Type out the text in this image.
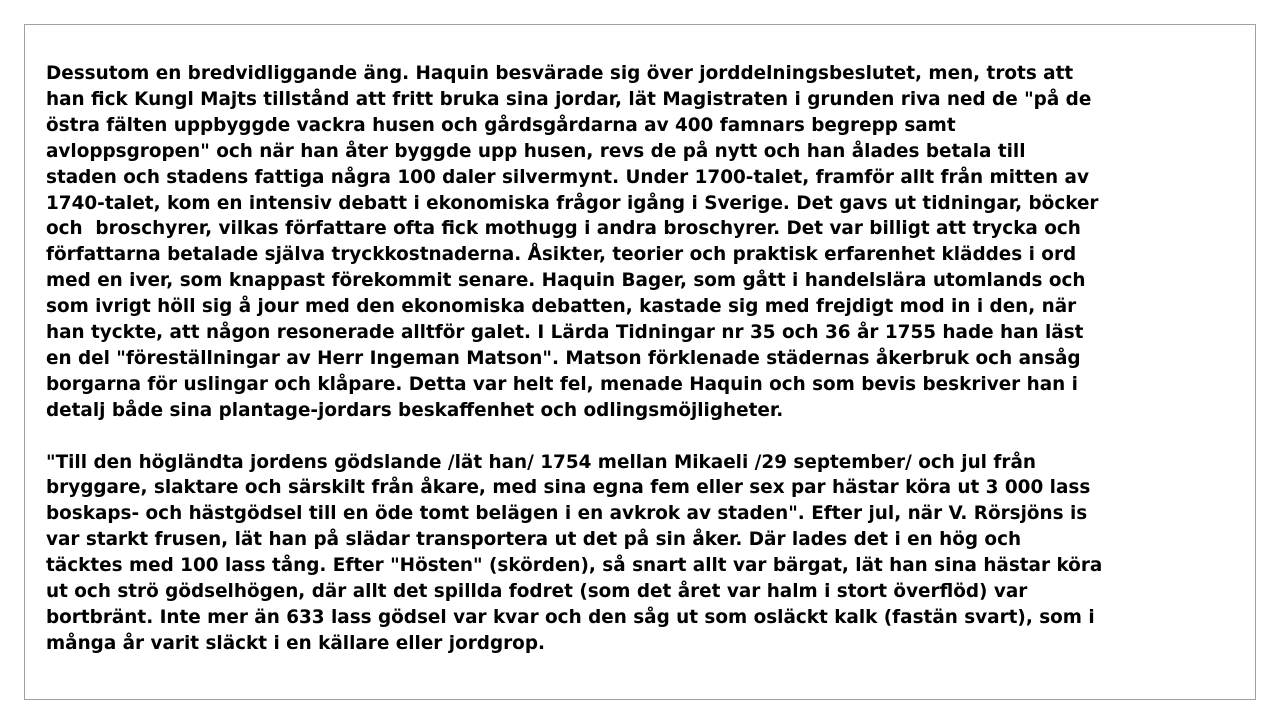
Dessutom en bredvidliggande äng. Haquin besvärade sig över jorddelningsbeslutet, men, trots att
han fick Kungl Majts tillstånd att fritt bruka sina jordar, lät Magistraten i grunden riva ned de "på de
östra fälten uppbyggde vackra husen och gårdsgårdarna av 400 famnars begrepp samt
avloppsgropen" och när han åter byggde upp husen, revs de på nytt och han ålades betala till
staden och stadens fattiga några 100 daler silvermynt. Under 1700-talet, framför allt från mitten av
1740-talet, kom en intensiv debatt i ekonomiska frågor igång i Sverige. Det gavs ut tidningar, böcker
och  broschyrer, vilkas författare ofta fick mothugg i andra broschyrer. Det var billigt att trycka och
författarna betalade själva tryckkostnaderna. Åsikter, teorier och praktisk erfarenhet kläddes i ord
med en iver, som knappast förekommit senare. Haquin Bager, som gått i handelslära utomlands och
som ivrigt höll sig å jour med den ekonomiska debatten, kastade sig med frejdigt mod in i den, när
han tyckte, att någon resonerade alltför galet. I Lärda Tidningar nr 35 och 36 år 1755 hade han läst
en del "föreställningar av Herr Ingeman Matson". Matson förklenade städernas åkerbruk och ansåg
borgarna för uslingar och klåpare. Detta var helt fel, menade Haquin och som bevis beskriver han i
detalj både sina plantage-jordars beskaffenhet och odlingsmöjligheter.
"Till den högländta jordens gödslande /lät han/ 1754 mellan Mikaeli /29 september/ och jul från
bryggare, slaktare och särskilt från åkare, med sina egna fem eller sex par hästar köra ut 3 000 lass
boskaps- och hästgödsel till en öde tomt belägen i en avkrok av staden". Efter jul, när V. Rörsjöns is
var starkt frusen, lät han på slädar transportera ut det på sin åker. Där lades det i en hög och
täcktes med 100 lass tång. Efter "Hösten" (skörden), så snart allt var bärgat, lät han sina hästar köra
ut och strö gödselhögen, där allt det spillda fodret (som det året var halm i stort överflöd) var
bortbränt. Inte mer än 633 lass gödsel var kvar och den såg ut som osläckt kalk (fastän svart), som i
många år varit släckt i en källare eller jordgrop.
